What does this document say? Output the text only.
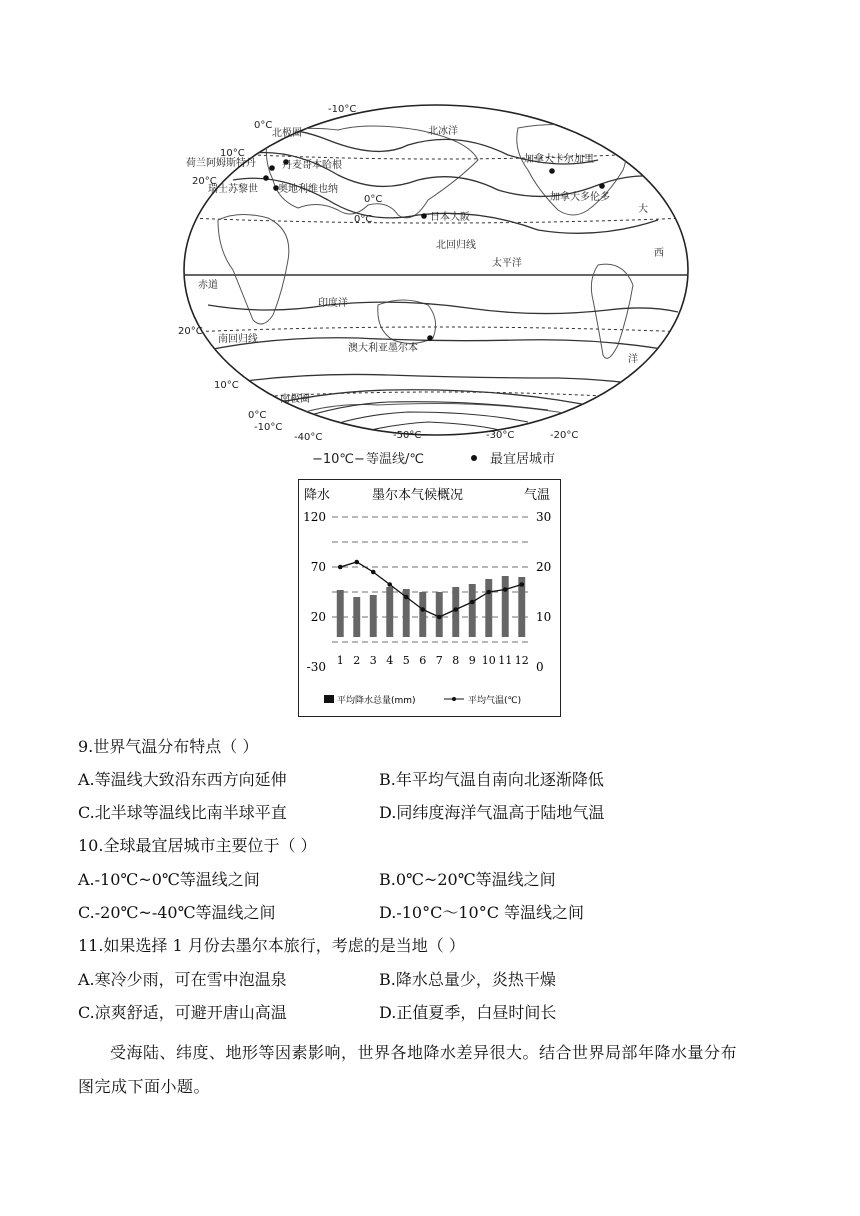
-10°C
0°C
北极圈	北冰洋
10°C
20°C
0°C
0°C
北回归线
太平洋
赤道
印度洋
20°C
南回归线
10°C
南极圈
0°C
-10°C
-40°C	-50°C	-30°C	-20°C
大
西
洋
荷兰阿姆斯特丹	丹麦哥本哈根
瑞士苏黎世 奥地利维也纳
日本大阪
加拿大卡尔加里
加拿大多伦多
澳大利亚墨尔本
−10℃− 等温线/℃	最宜居城市
降水	墨尔本气候概况	气温
120
70
20
-30
30
20
10
0
1 2 3 4 5 6 7 8 9 10 11 12
平均降水总量(mm)	平均气温(℃)
9.世界气温分布特点（ ）
A.等温线大致沿东西方向延伸	B.年平均气温自南向北逐渐降低
C.北半球等温线比南半球平直	D.同纬度海洋气温高于陆地气温
10.全球最宜居城市主要位于（ ）
A.-10℃~0℃等温线之间	B.0℃~20℃等温线之间
C.-20℃~-40℃等温线之间	D.-10°C～10°C 等温线之间
11.如果选择 1 月份去墨尔本旅行，考虑的是当地（ ）
A.寒冷少雨，可在雪中泡温泉	B.降水总量少，炎热干燥
C.凉爽舒适，可避开唐山高温	D.正值夏季，白昼时间长
受海陆、纬度、地形等因素影响，世界各地降水差异很大。结合世界局部年降水量分布
图完成下面小题。
